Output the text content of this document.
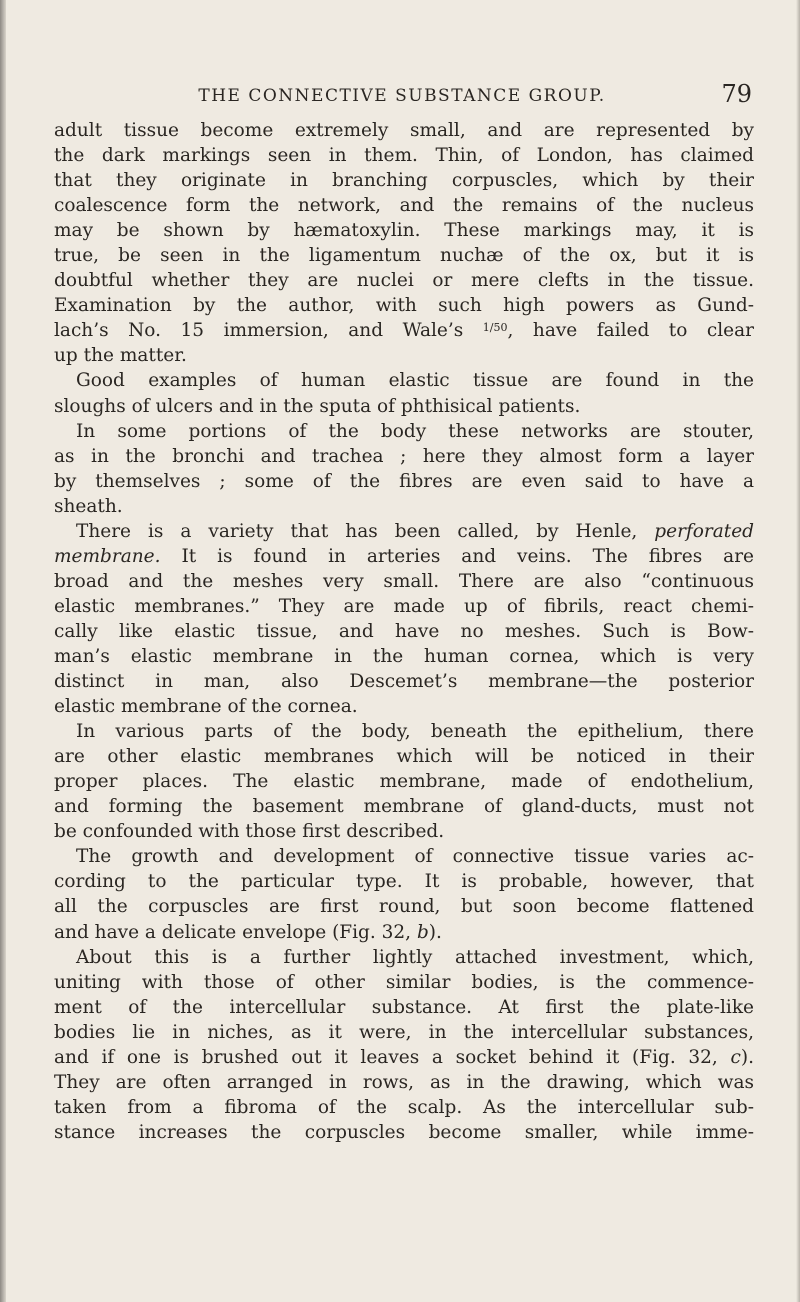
THE CONNECTIVE SUBSTANCE GROUP.	79
adult tissue become extremely small, and are represented by
the dark markings seen in them. Thin, of London, has claimed
that they originate in branching corpuscles, which by their
coalescence form the network, and the remains of the nucleus
may be shown by hæmatoxylin. These markings may, it is
true, be seen in the ligamentum nuchæ of the ox, but it is
doubtful whether they are nuclei or mere clefts in the tissue.
Examination by the author, with such high powers as Gund-
lach’s No. 15 immersion, and Wale’s $^{1/50}$, have failed to clear
up the matter.
Good examples of human elastic tissue are found in the
sloughs of ulcers and in the sputa of phthisical patients.
In some portions of the body these networks are stouter,
as in the bronchi and trachea ; here they almost form a layer
by themselves ; some of the fibres are even said to have a
sheath.
There is a variety that has been called, by Henle, perforated
membrane. It is found in arteries and veins. The fibres are
broad and the meshes very small. There are also “continuous
elastic membranes.” They are made up of fibrils, react chemi-
cally like elastic tissue, and have no meshes. Such is Bow-
man’s elastic membrane in the human cornea, which is very
distinct in man, also Descemet’s membrane—the posterior
elastic membrane of the cornea.
In various parts of the body, beneath the epithelium, there
are other elastic membranes which will be noticed in their
proper places. The elastic membrane, made of endothelium,
and forming the basement membrane of gland-ducts, must not
be confounded with those first described.
The growth and development of connective tissue varies ac-
cording to the particular type. It is probable, however, that
all the corpuscles are first round, but soon become flattened
and have a delicate envelope (Fig. 32, b).
About this is a further lightly attached investment, which,
uniting with those of other similar bodies, is the commence-
ment of the intercellular substance. At first the plate-like
bodies lie in niches, as it were, in the intercellular substances,
and if one is brushed out it leaves a socket behind it (Fig. 32, c).
They are often arranged in rows, as in the drawing, which was
taken from a fibroma of the scalp. As the intercellular sub-
stance increases the corpuscles become smaller, while imme-
